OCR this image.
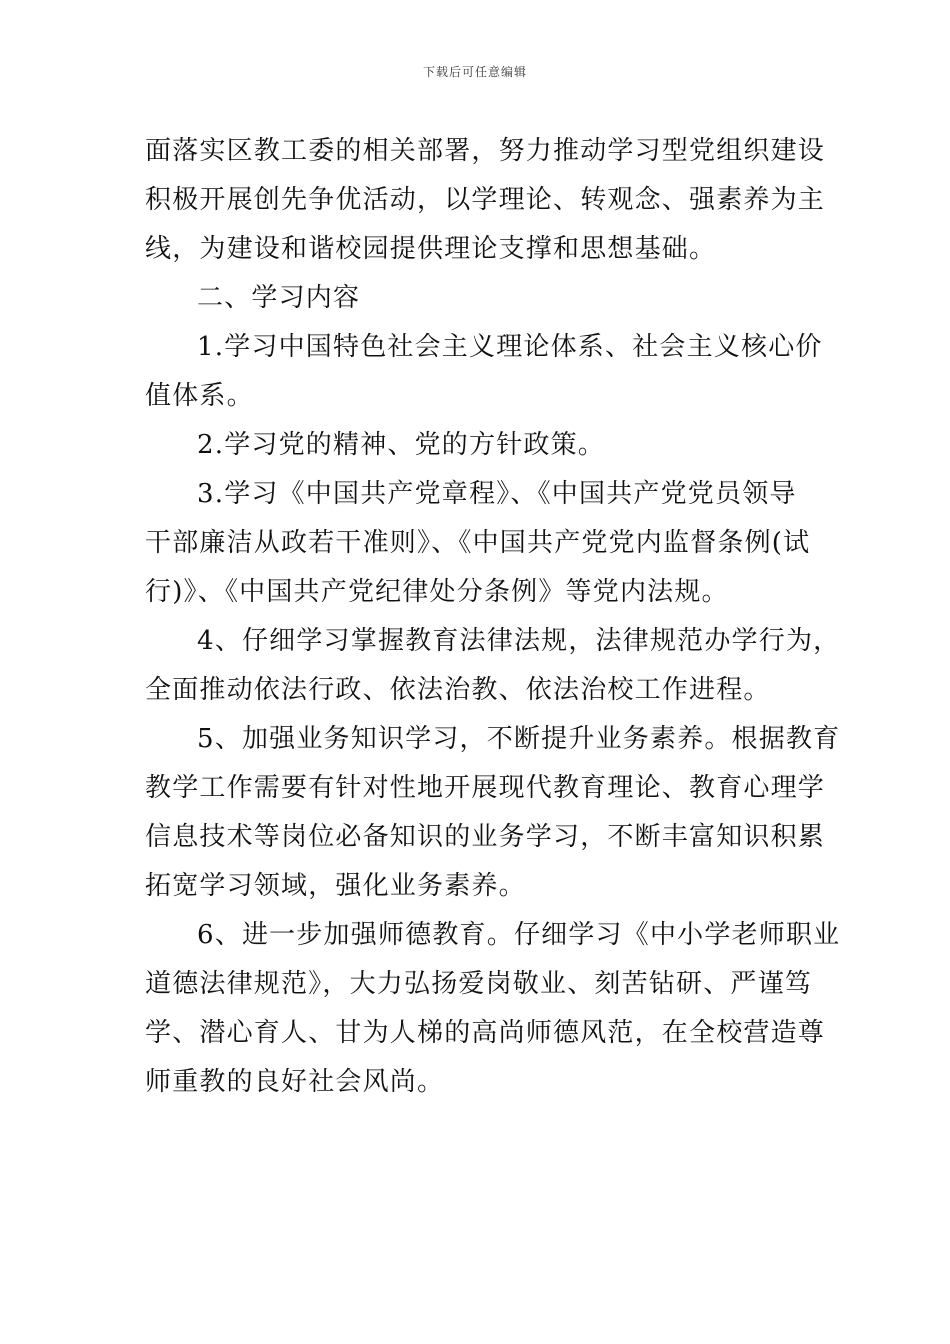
下载后可任意编辑
面落实区教工委的相关部署，努力推动学习型党组织建设
积极开展创先争优活动，以学理论、转观念、强素养为主
线，为建设和谐校园提供理论支撑和思想基础。
二、学习内容
1.学习中国特色社会主义理论体系、社会主义核心价
值体系。
2.学习党的精神、党的方针政策。
3.学习《中国共产党章程》、《中国共产党党员领导
干部廉洁从政若干准则》、《中国共产党党内监督条例(试
行)》、《中国共产党纪律处分条例》等党内法规。
4、仔细学习掌握教育法律法规，法律规范办学行为，
全面推动依法行政、依法治教、依法治校工作进程。
5、加强业务知识学习，不断提升业务素养。根据教育
教学工作需要有针对性地开展现代教育理论、教育心理学
信息技术等岗位必备知识的业务学习，不断丰富知识积累
拓宽学习领域，强化业务素养。
6、进一步加强师德教育。仔细学习《中小学老师职业
道德法律规范》，大力弘扬爱岗敬业、刻苦钻研、严谨笃
学、潜心育人、甘为人梯的高尚师德风范，在全校营造尊
师重教的良好社会风尚。
